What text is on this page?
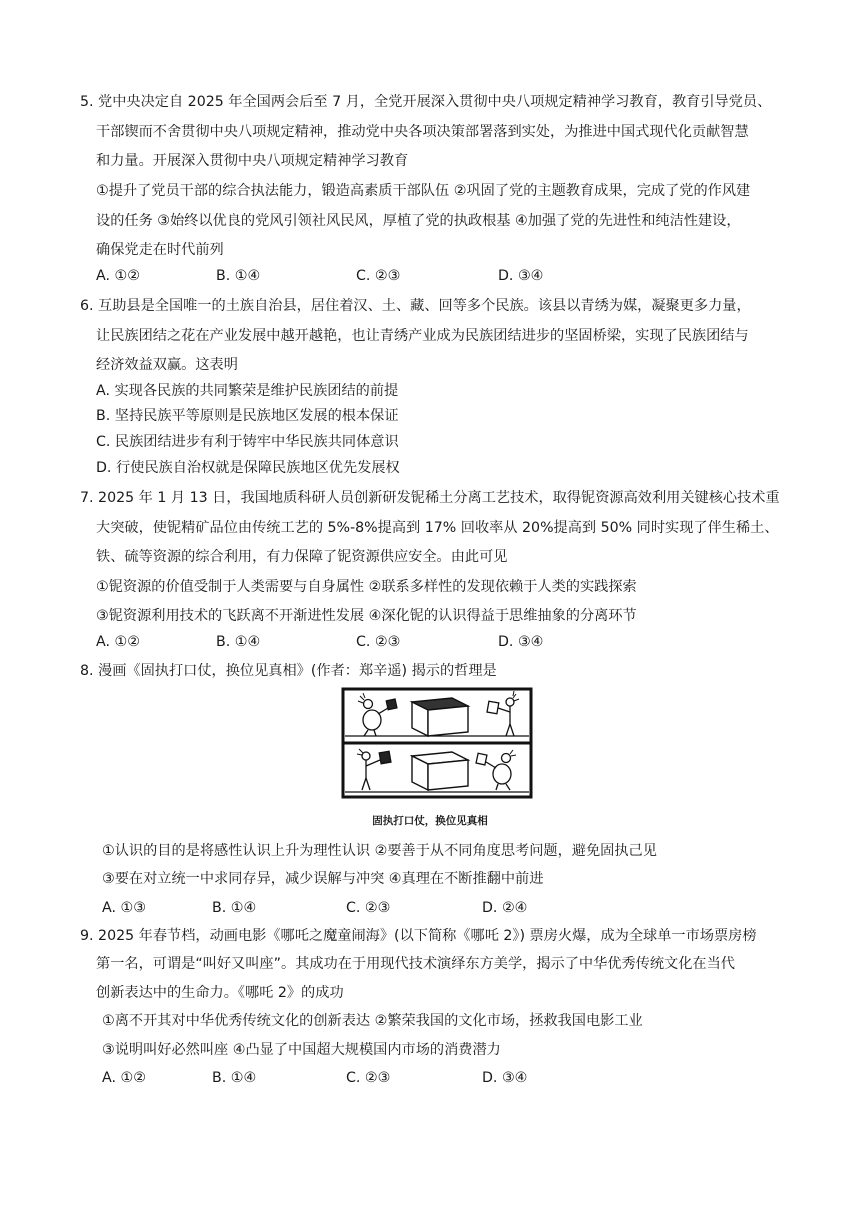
5. 党中央决定自 2025 年全国两会后至 7 月，全党开展深入贯彻中央八项规定精神学习教育，教育引导党员、
干部锲而不舍贯彻中央八项规定精神，推动党中央各项决策部署落到实处，为推进中国式现代化贡献智慧
和力量。开展深入贯彻中央八项规定精神学习教育
①提升了党员干部的综合执法能力，锻造高素质干部队伍 ②巩固了党的主题教育成果，完成了党的作风建
设的任务 ③始终以优良的党风引领社风民风，厚植了党的执政根基 ④加强了党的先进性和纯洁性建设，
确保党走在时代前列
A. ①②	B. ①④	C. ②③	D. ③④
6. 互助县是全国唯一的土族自治县，居住着汉、土、藏、回等多个民族。该县以青绣为媒，凝聚更多力量，
让民族团结之花在产业发展中越开越艳，也让青绣产业成为民族团结进步的坚固桥梁，实现了民族团结与
经济效益双赢。这表明
A. 实现各民族的共同繁荣是维护民族团结的前提
B. 坚持民族平等原则是民族地区发展的根本保证
C. 民族团结进步有利于铸牢中华民族共同体意识
D. 行使民族自治权就是保障民族地区优先发展权
7. 2025 年 1 月 13 日，我国地质科研人员创新研发铌稀土分离工艺技术，取得铌资源高效利用关键核心技术重
大突破，使铌精矿品位由传统工艺的 5%-8%提高到 17% 回收率从 20%提高到 50% 同时实现了伴生稀土、
铁、硫等资源的综合利用，有力保障了铌资源供应安全。由此可见
①铌资源的价值受制于人类需要与自身属性 ②联系多样性的发现依赖于人类的实践探索
③铌资源利用技术的飞跃离不开渐进性发展 ④深化铌的认识得益于思维抽象的分离环节
A. ①②	B. ①④	C. ②③	D. ③④
8. 漫画《固执打口仗，换位见真相》(作者：郑辛遥) 揭示的哲理是
固执打口仗，换位见真相
①认识的目的是将感性认识上升为理性认识 ②要善于从不同角度思考问题，避免固执己见
③要在对立统一中求同存异，减少误解与冲突 ④真理在不断推翻中前进
A. ①③	B. ①④	C. ②③	D. ②④
9. 2025 年春节档，动画电影《哪吒之魔童闹海》(以下简称《哪吒 2》) 票房火爆，成为全球单一市场票房榜
第一名，可谓是“叫好又叫座”。其成功在于用现代技术演绎东方美学，揭示了中华优秀传统文化在当代
创新表达中的生命力。《哪吒 2》的成功
①离不开其对中华优秀传统文化的创新表达 ②繁荣我国的文化市场，拯救我国电影工业
③说明叫好必然叫座 ④凸显了中国超大规模国内市场的消费潜力
A. ①②	B. ①④	C. ②③	D. ③④
